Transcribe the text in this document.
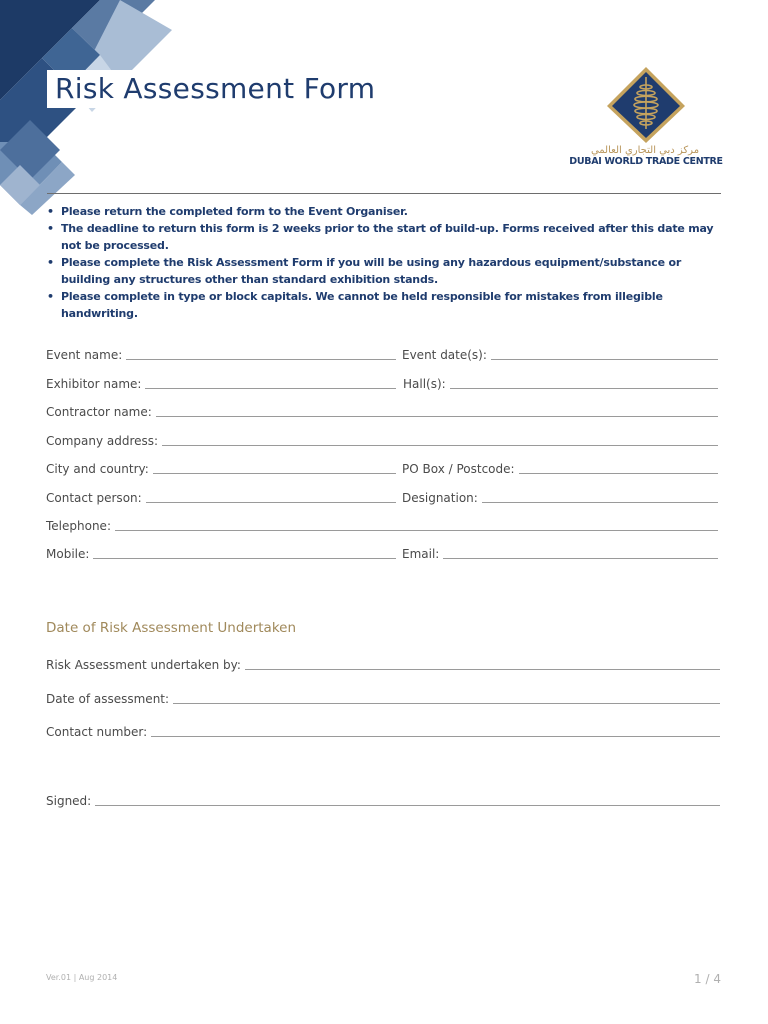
Risk Assessment Form
مركز دبي التجاري العالمي
DUBAI WORLD TRADE CENTRE
• Please return the completed form to the Event Organiser.
• The deadline to return this form is 2 weeks prior to the start of build-up. Forms received after this date may not be processed.
• Please complete the Risk Assessment Form if you will be using any hazardous equipment/substance or building any structures other than standard exhibition stands.
• Please complete in type or block capitals. We cannot be held responsible for mistakes from illegible handwriting.
Event name:	Event date(s):
Exhibitor name:	Hall(s):
Contractor name:
Company address:
City and country:	PO Box / Postcode:
Contact person:	Designation:
Telephone:
Mobile:	Email:
Date of Risk Assessment Undertaken
Risk Assessment undertaken by:
Date of assessment:
Contact number:
Signed:
Ver.01 | Aug 2014	1 / 4
